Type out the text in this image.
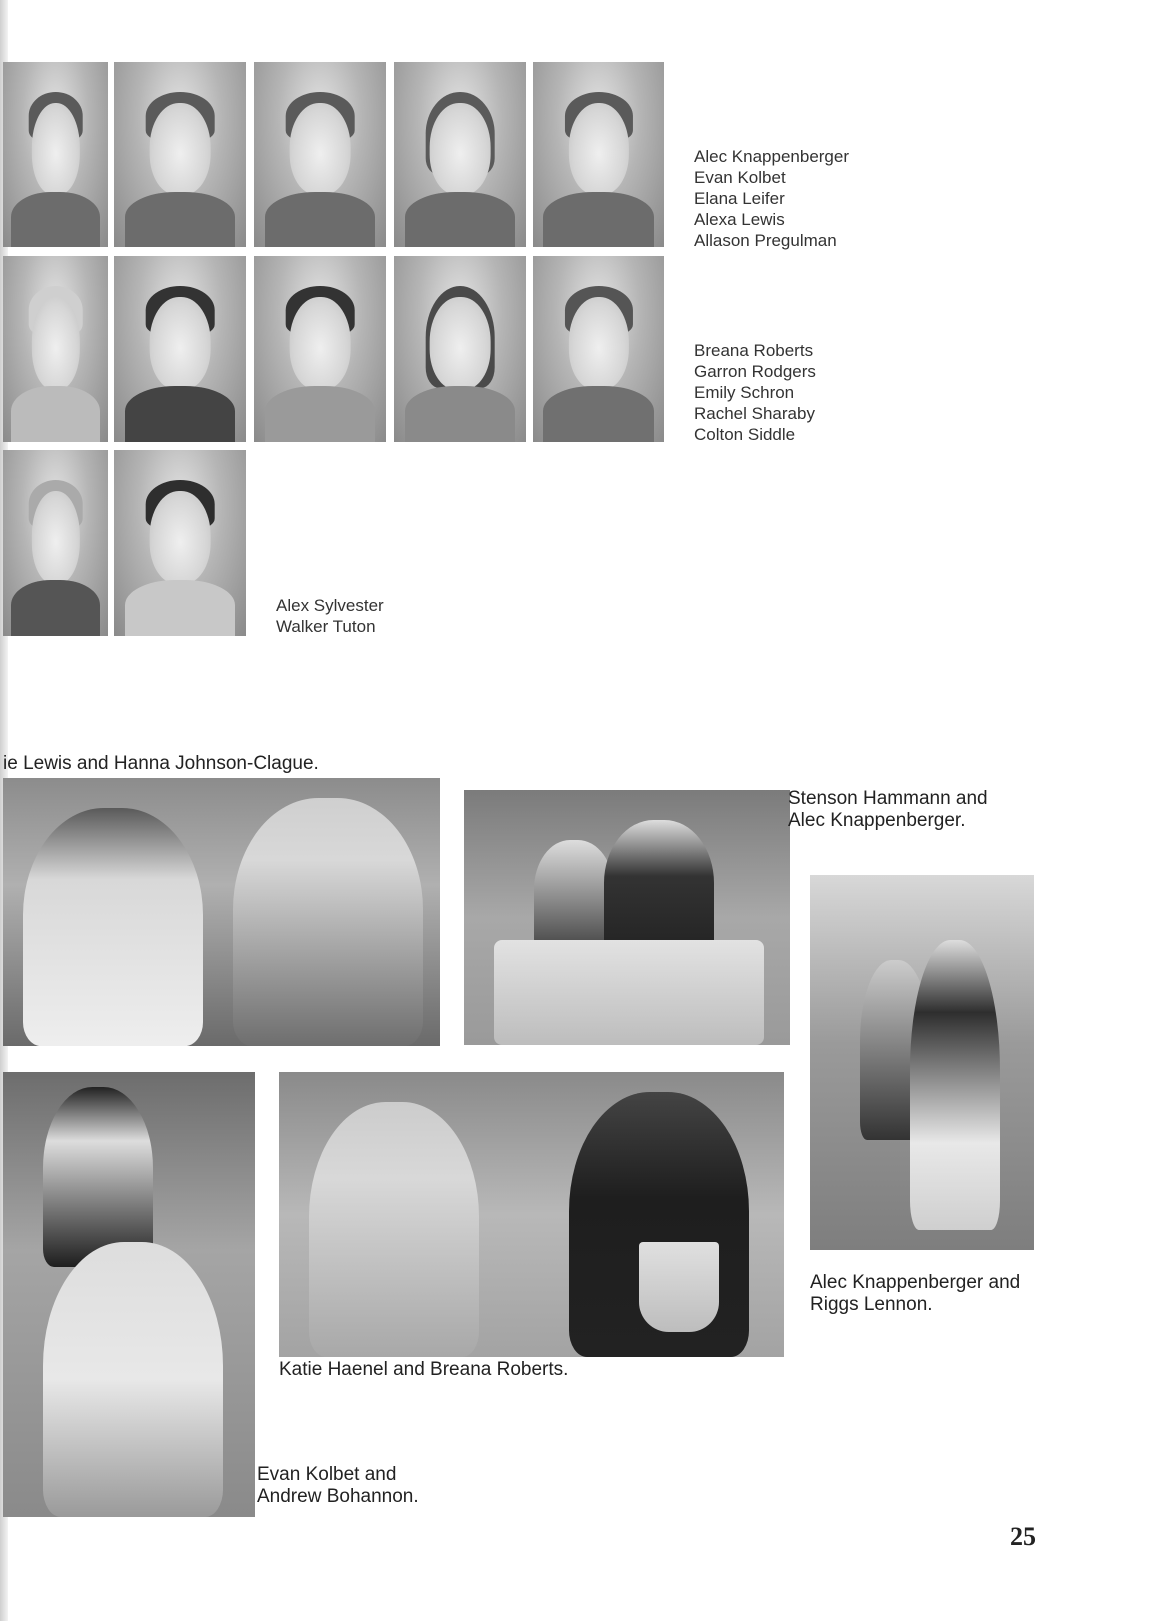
Alec Knappenberger
Evan Kolbet
Elana Leifer
Alexa Lewis
Allason Pregulman
Breana Roberts
Garron Rodgers
Emily Schron
Rachel Sharaby
Colton Siddle
Alex Sylvester
Walker Tuton
ie Lewis and Hanna Johnson-Clague.
Stenson Hammann and
Alec Knappenberger.
Alec Knappenberger and
Riggs Lennon.
Katie Haenel and Breana Roberts.
Evan Kolbet and
Andrew Bohannon.
25
